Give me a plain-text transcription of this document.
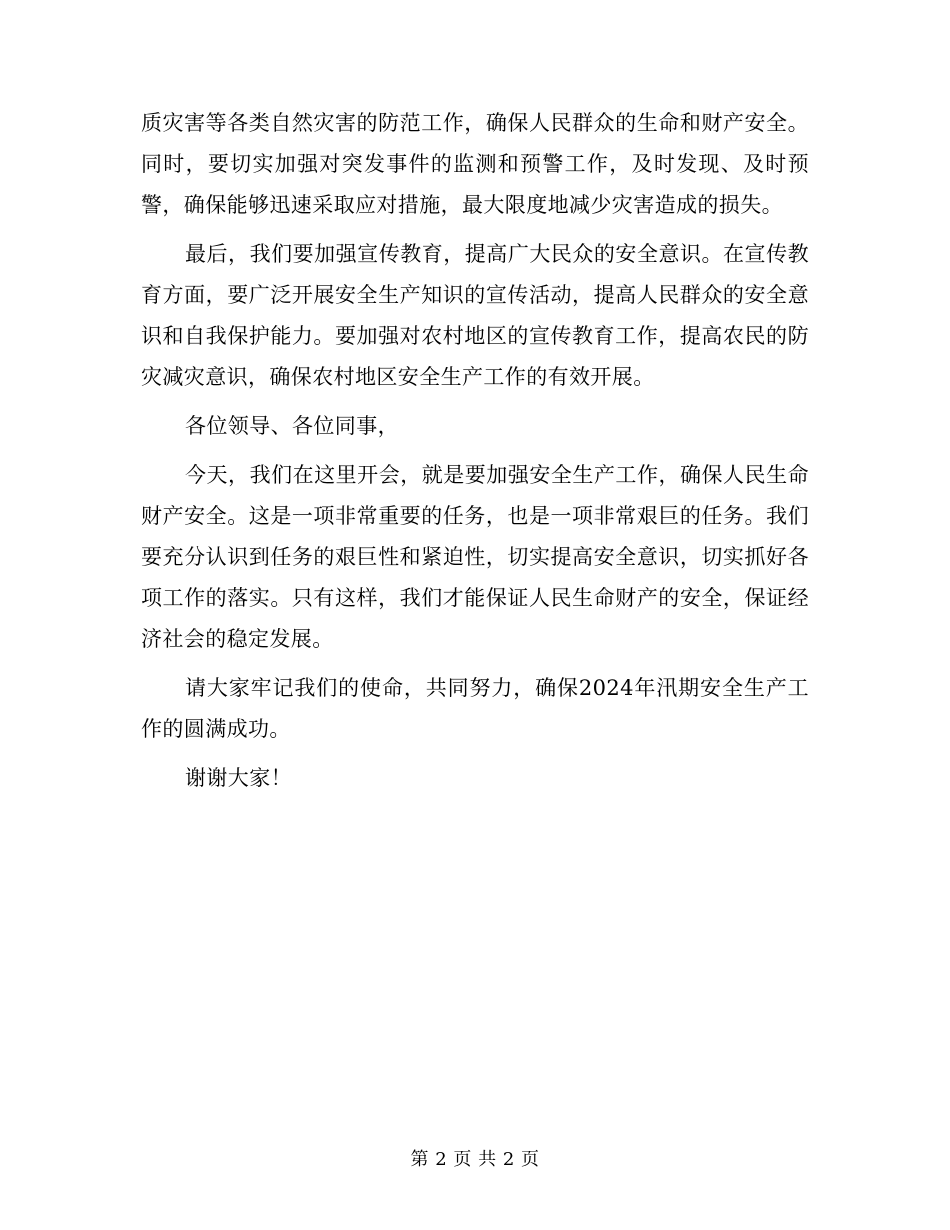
质灾害等各类自然灾害的防范工作，确保人民群众的生命和财产安全。同时，要切实加强对突发事件的监测和预警工作，及时发现、及时预警，确保能够迅速采取应对措施，最大限度地减少灾害造成的损失。

最后，我们要加强宣传教育，提高广大民众的安全意识。在宣传教育方面，要广泛开展安全生产知识的宣传活动，提高人民群众的安全意识和自我保护能力。要加强对农村地区的宣传教育工作，提高农民的防灾减灾意识，确保农村地区安全生产工作的有效开展。

各位领导、各位同事，

今天，我们在这里开会，就是要加强安全生产工作，确保人民生命财产安全。这是一项非常重要的任务，也是一项非常艰巨的任务。我们要充分认识到任务的艰巨性和紧迫性，切实提高安全意识，切实抓好各项工作的落实。只有这样，我们才能保证人民生命财产的安全，保证经济社会的稳定发展。

请大家牢记我们的使命，共同努力，确保2024年汛期安全生产工作的圆满成功。

谢谢大家！

第 2 页 共 2 页
